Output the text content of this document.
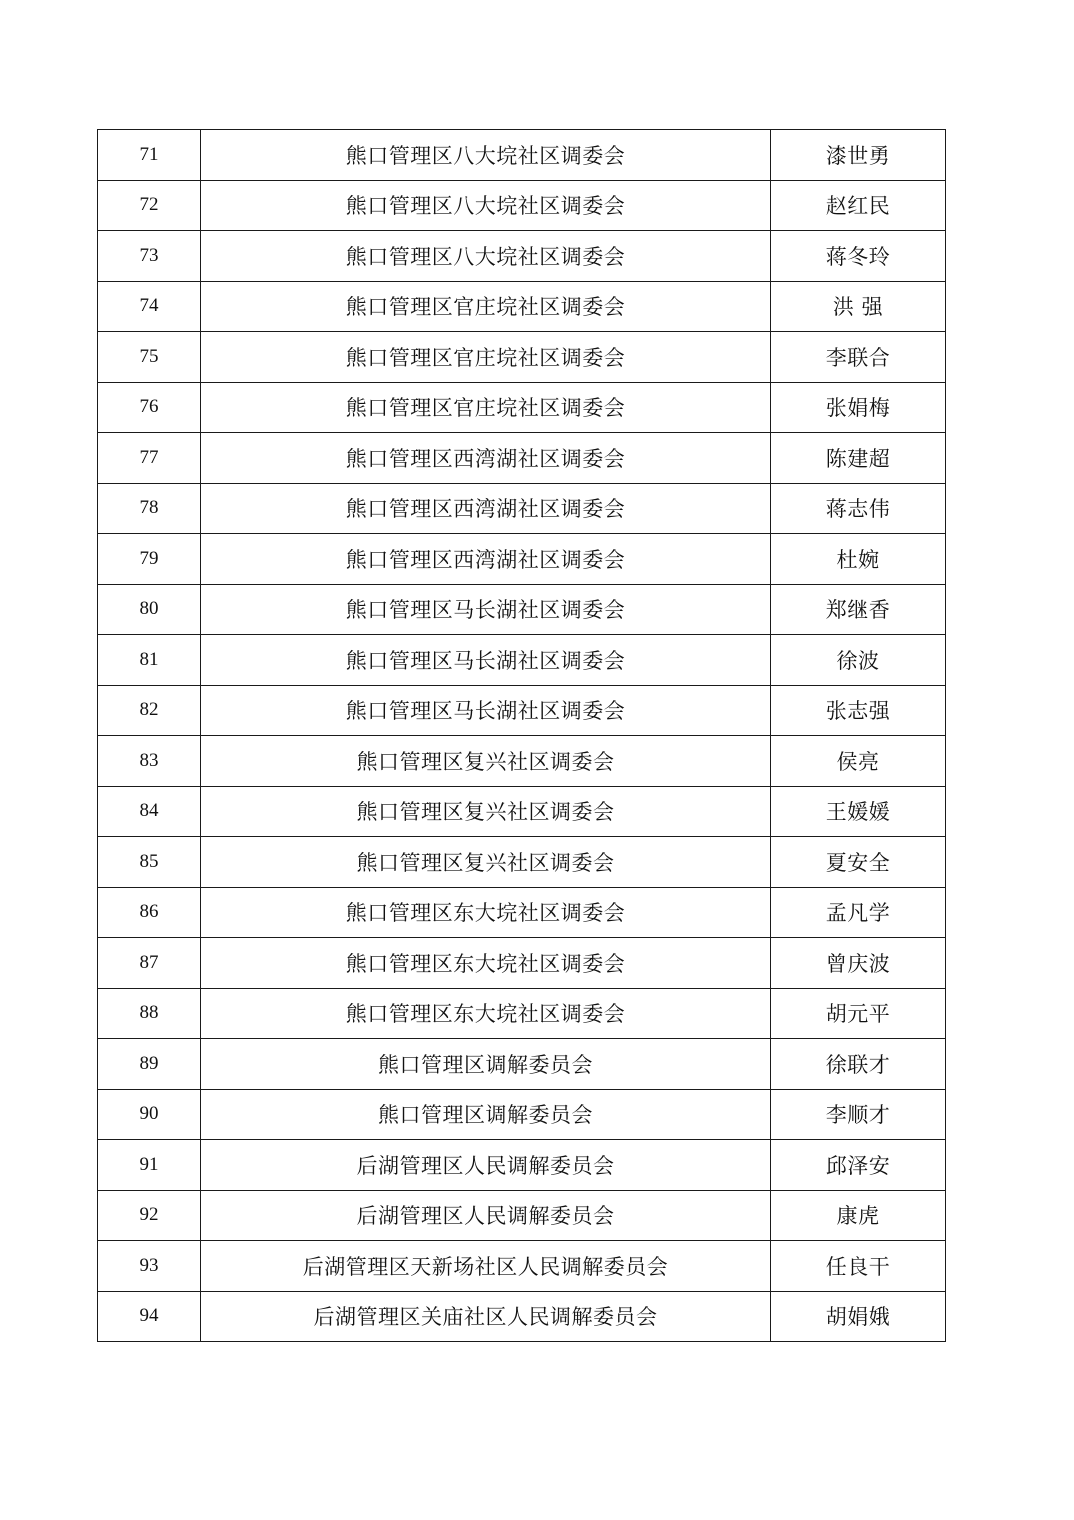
71	熊口管理区八大垸社区调委会	漆世勇
72	熊口管理区八大垸社区调委会	赵红民
73	熊口管理区八大垸社区调委会	蒋冬玲
74	熊口管理区官庄垸社区调委会	洪 强
75	熊口管理区官庄垸社区调委会	李联合
76	熊口管理区官庄垸社区调委会	张娟梅
77	熊口管理区西湾湖社区调委会	陈建超
78	熊口管理区西湾湖社区调委会	蒋志伟
79	熊口管理区西湾湖社区调委会	杜婉
80	熊口管理区马长湖社区调委会	郑继香
81	熊口管理区马长湖社区调委会	徐波
82	熊口管理区马长湖社区调委会	张志强
83	熊口管理区复兴社区调委会	侯亮
84	熊口管理区复兴社区调委会	王媛媛
85	熊口管理区复兴社区调委会	夏安全
86	熊口管理区东大垸社区调委会	孟凡学
87	熊口管理区东大垸社区调委会	曾庆波
88	熊口管理区东大垸社区调委会	胡元平
89	熊口管理区调解委员会	徐联才
90	熊口管理区调解委员会	李顺才
91	后湖管理区人民调解委员会	邱泽安
92	后湖管理区人民调解委员会	康虎
93	后湖管理区天新场社区人民调解委员会	任良干
94	后湖管理区关庙社区人民调解委员会	胡娟娥
